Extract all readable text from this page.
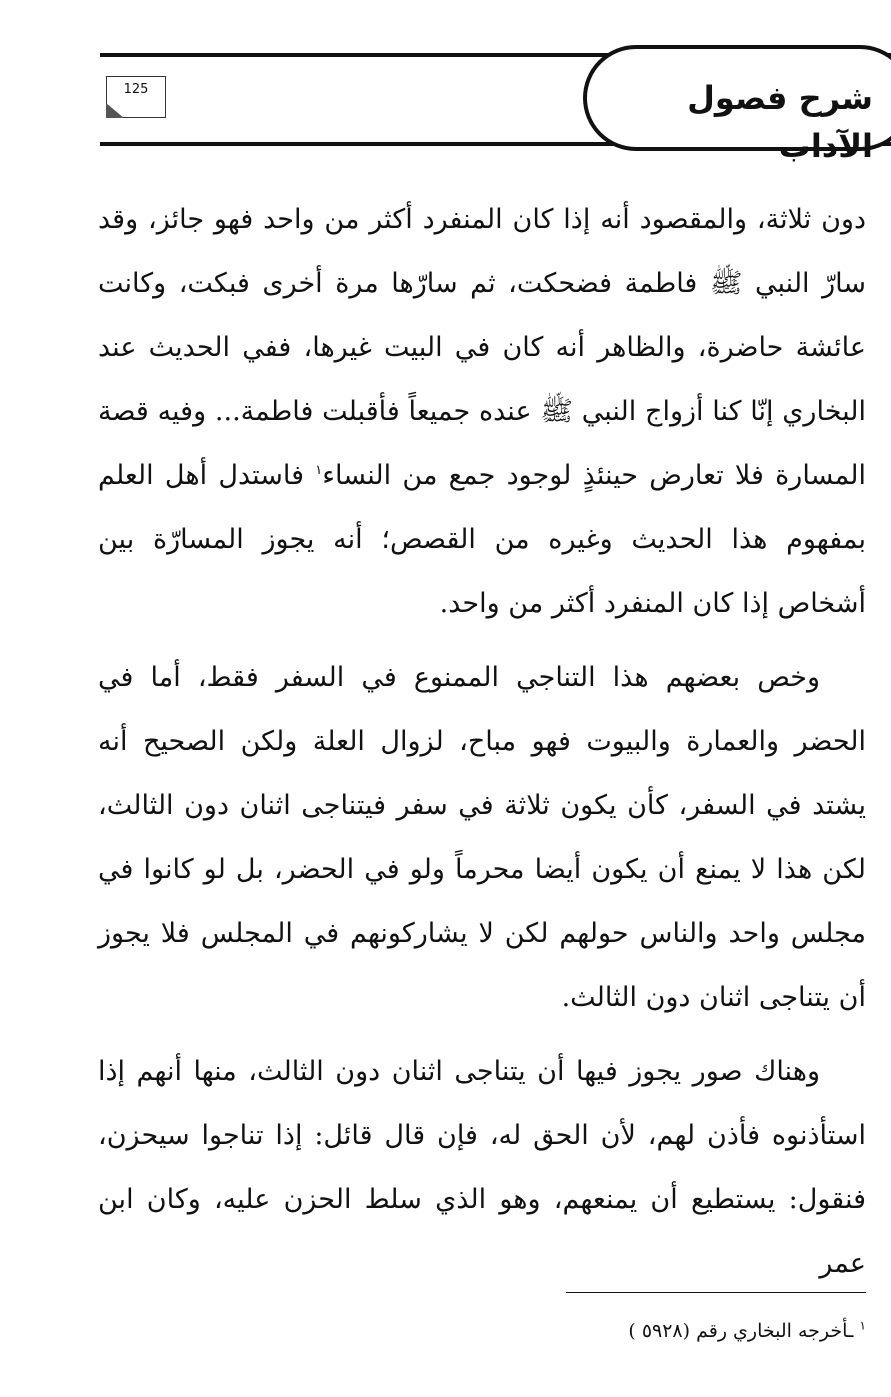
شرح فصول الآداب
125

دون ثلاثة، والمقصود أنه إذا كان المنفرد أكثر من واحد فهو جائز، وقد سارّ النبي ﷺ فاطمة فضحكت، ثم سارّها مرة أخرى فبكت، وكانت عائشة حاضرة، والظاهر أنه كان في البيت غيرها، ففي الحديث عند البخاري إنّا كنا أزواج النبي ﷺ عنده جميعاً فأقبلت فاطمة... وفيه قصة المسارة فلا تعارض حينئذٍ لوجود جمع من النساء$^١$ فاستدل أهل العلم بمفهوم هذا الحديث وغيره من القصص؛ أنه يجوز المسارّة بين أشخاص إذا كان المنفرد أكثر من واحد.

وخص بعضهم هذا التناجي الممنوع في السفر فقط، أما في الحضر والعمارة والبيوت فهو مباح، لزوال العلة ولكن الصحيح أنه يشتد في السفر، كأن يكون ثلاثة في سفر فيتناجى اثنان دون الثالث، لكن هذا لا يمنع أن يكون أيضا محرماً ولو في الحضر، بل لو كانوا في مجلس واحد والناس حولهم لكن لا يشاركونهم في المجلس فلا يجوز أن يتناجى اثنان دون الثالث.

وهناك صور يجوز فيها أن يتناجى اثنان دون الثالث، منها أنهم إذا استأذنوه فأذن لهم، لأن الحق له، فإن قال قائل: إذا تناجوا سيحزن، فنقول: يستطيع أن يمنعهم، وهو الذي سلط الحزن عليه، وكان ابن عمر

$^١$ ـأخرجه البخاري رقم (٥٩٢٨ )
